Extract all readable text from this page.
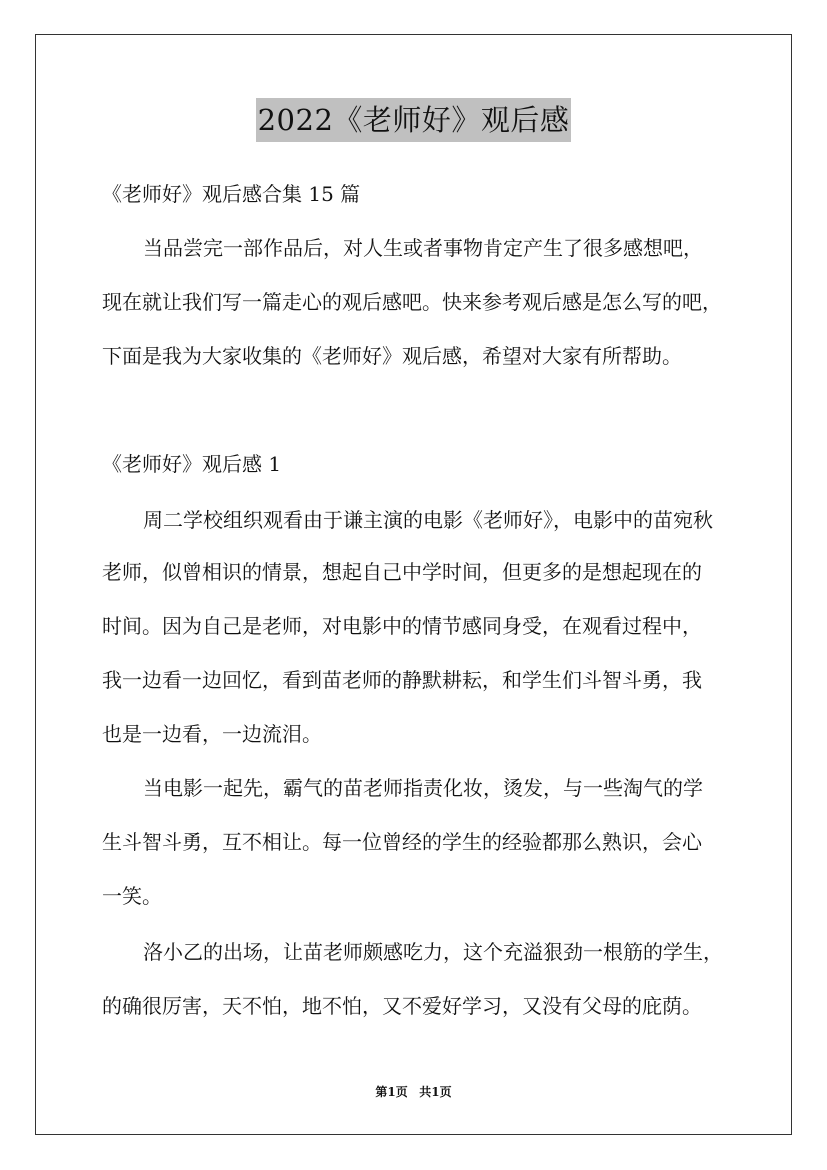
2022《老师好》观后感

《老师好》观后感合集 15 篇

当品尝完一部作品后，对人生或者事物肯定产生了很多感想吧，

现在就让我们写一篇走心的观后感吧。快来参考观后感是怎么写的吧，

下面是我为大家收集的《老师好》观后感，希望对大家有所帮助。

《老师好》观后感 1

周二学校组织观看由于谦主演的电影《老师好》，电影中的苗宛秋

老师，似曾相识的情景，想起自己中学时间，但更多的是想起现在的

时间。因为自己是老师，对电影中的情节感同身受，在观看过程中，

我一边看一边回忆，看到苗老师的静默耕耘，和学生们斗智斗勇，我

也是一边看，一边流泪。

当电影一起先，霸气的苗老师指责化妆，烫发，与一些淘气的学

生斗智斗勇，互不相让。每一位曾经的学生的经验都那么熟识，会心

一笑。

洛小乙的出场，让苗老师颇感吃力，这个充溢狠劲一根筋的学生，

的确很厉害，天不怕，地不怕，又不爱好学习，又没有父母的庇荫。

第1页 共1页
